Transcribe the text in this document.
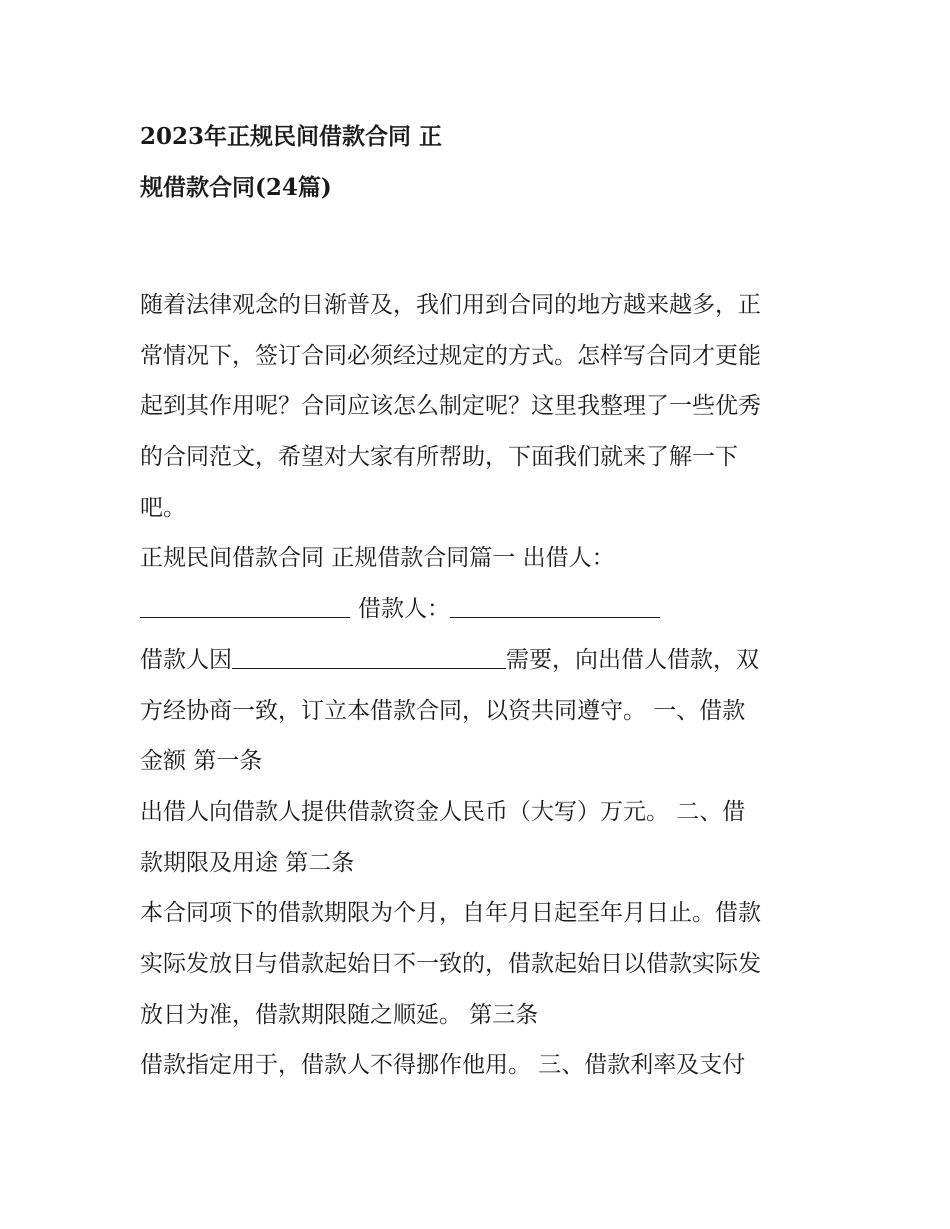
2023年正规民间借款合同 正
规借款合同(24篇)
随着法律观念的日渐普及，我们用到合同的地方越来越多，正
常情况下，签订合同必须经过规定的方式。怎样写合同才更能
起到其作用呢？合同应该怎么制定呢？这里我整理了一些优秀
的合同范文，希望对大家有所帮助，下面我们就来了解一下
吧。
正规民间借款合同 正规借款合同篇一 出借人：
借款人：
借款人因	需要，向出借人借款，双
方经协商一致，订立本借款合同，以资共同遵守。 一、借款
金额 第一条
出借人向借款人提供借款资金人民币（大写）万元。 二、借
款期限及用途 第二条
本合同项下的借款期限为个月，自年月日起至年月日止。借款
实际发放日与借款起始日不一致的，借款起始日以借款实际发
放日为准，借款期限随之顺延。 第三条
借款指定用于，借款人不得挪作他用。 三、借款利率及支付
